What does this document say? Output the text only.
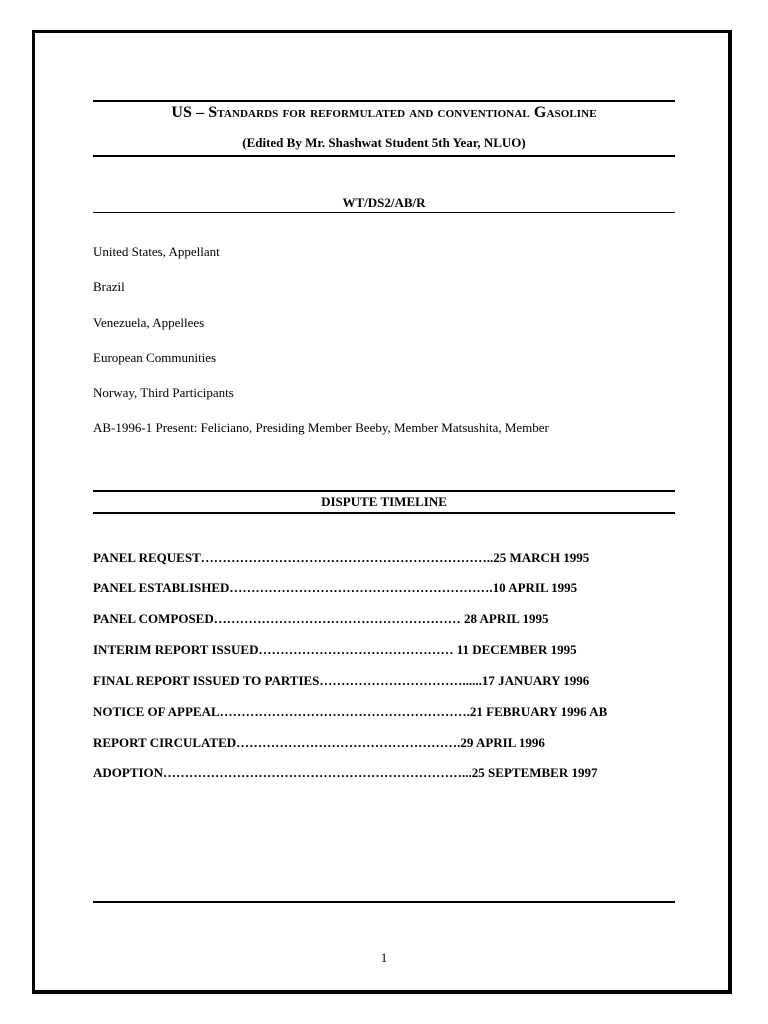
US – Standards for reformulated and conventional Gasoline
(Edited By Mr. Shashwat Student 5th Year, NLUO)
WT/DS2/AB/R
United States, Appellant
Brazil
Venezuela, Appellees
European Communities
Norway, Third Participants
AB-1996-1 Present: Feliciano, Presiding Member Beeby, Member Matsushita, Member
DISPUTE TIMELINE
PANEL REQUEST…………………………………………………………..25 MARCH 1995
PANEL ESTABLISHED…………………………………………………….10 APRIL 1995
PANEL COMPOSED………………………………………………… 28 APRIL 1995
INTERIM REPORT ISSUED……………………………………… 11 DECEMBER 1995
FINAL REPORT ISSUED TO PARTIES……………………………......17 JANUARY 1996
NOTICE OF APPEAL………………………………………………….21 FEBRUARY 1996 AB
REPORT CIRCULATED…………………………………………….29 APRIL 1996
ADOPTION……………………………………………………………...25 SEPTEMBER 1997
1
